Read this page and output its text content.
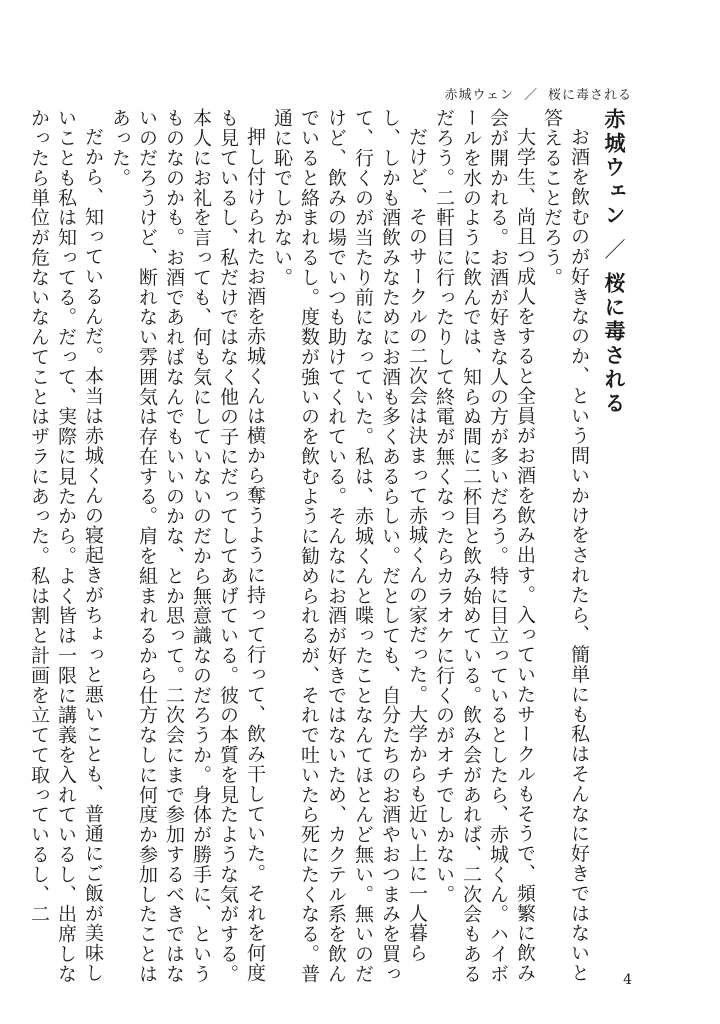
赤城ウェン ／ 桜に毒される
赤城ウェン／桜に毒される

お酒を飲むのが好きなのか、という問いかけをされたら、簡単にも私はそんなに好きではないと答えることだろう。

大学生、尚且つ成人をすると全員がお酒を飲み出す。入っていたサークルもそうで、頻繁に飲み会が開かれる。お酒が好きな人の方が多いだろう。特に目立っているとしたら、赤城くん。ハイボールを水のように飲んでは、知らぬ間に二杯目と飲み始めている。飲み会があれば、二次会もあるだろう。二軒目に行ったりして終電が無くなったらカラオケに行くのがオチでしかない。

だけど、そのサークルの二次会は決まって赤城くんの家だった。大学からも近い上に一人暮らし、しかも酒飲みなためにお酒も多くあるらしい。だとしても、自分たちのお酒やおつまみを買って、行くのが当たり前になっていた。私は、赤城くんと喋ったことなんてほとんど無い。無いのだけど、飲みの場でいつも助けてくれている。そんなにお酒が好きではないため、カクテル系を飲んでいると絡まれるし。度数が強いのを飲むように勧められるが、それで吐いたら死にたくなる。普通に恥でしかない。

押し付けられたお酒を赤城くんは横から奪うように持って行って、飲み干していた。それを何度も見ているし、私だけではなく他の子にだってしてあげている。彼の本質を見たような気がする。本人にお礼を言っても、何も気にしていないのだから無意識なのだろうか。身体が勝手に、というものなのかも。お酒であればなんでもいいのかな、とか思って。二次会にまで参加するべきではないのだろうけど、断れない雰囲気は存在する。肩を組まれるから仕方なしに何度か参加したことはあった。

だから、知っているんだ。本当は赤城くんの寝起きがちょっと悪いことも、普通にご飯が美味しいことも私は知ってる。だって、実際に見たから。よく皆は一限に講義を入れているし、出席しなかったら単位が危ないなんてことはザラにあった。私は割と計画を立てて取っているし、二

4
